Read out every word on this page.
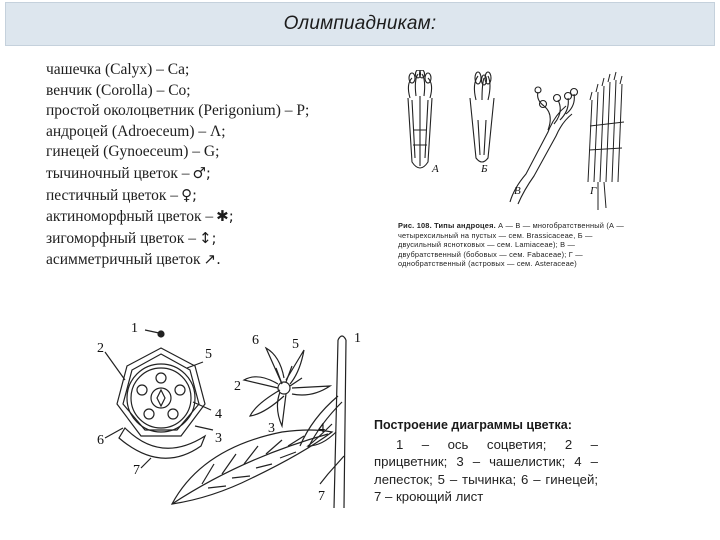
Олимпиадникам:
чашечка (Calyx) – Ca;
венчик (Corolla) – Co;
простой околоцветник (Perigonium) – P;
андроцей (Adroeceum) – Λ;
гинецей (Gynoeceum) – G;
тычиночный цветок – ♂;
пестичный цветок – ♀;
актиноморфный цветок – ✱;
зигоморфный цветок – ↕;
асимметричный цветок ↗.
А	Б
В	Г
Рис. 108. Типы андроцея. А — В — многобратственный (А — четырехсильный на пустых — сем. Brassicaceae, Б — двусильный яснотковых — сем. Lamiaceae); В — двубратственный (бобовых — сем. Fabaceae); Г — однобратственный (астровых — сем. Asteraceae)
1
2
3
4
5
6
7
6 5	1
2
3	4
7
Построение диаграммы цветка:
1 – ось соцветия; 2 – прицветник; 3 – чашелистик; 4 – лепесток; 5 – тычинка; 6 – гинецей; 7 – кроющий лист
